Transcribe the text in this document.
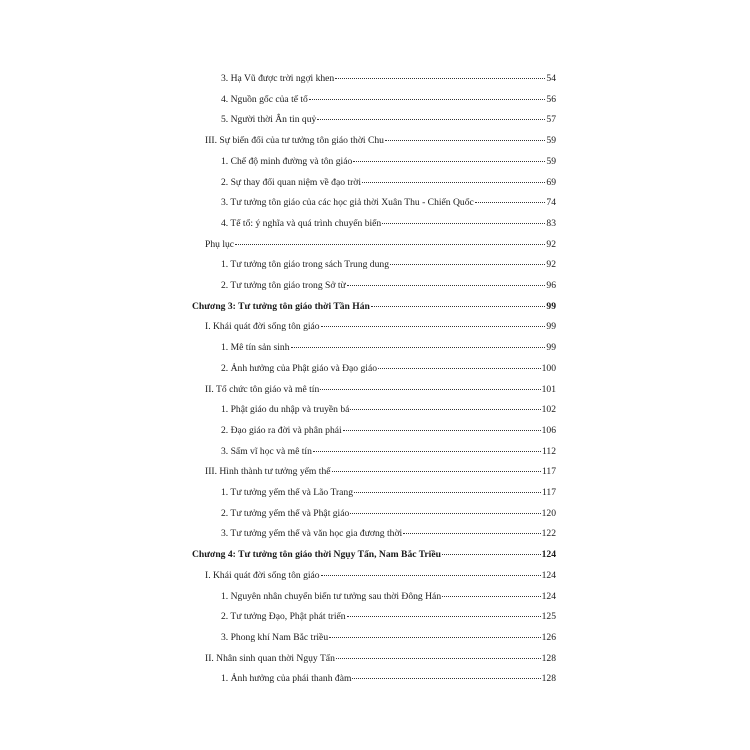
3. Hạ Vũ được trời ngợi khen	54
4. Nguồn gốc của tế tổ	56
5. Người thời Ân tin quỷ	57
III. Sự biến đổi của tư tưởng tôn giáo thời Chu	59
1. Chế độ minh đường và tôn giáo	59
2. Sự thay đổi quan niệm về đạo trời	69
3. Tư tưởng tôn giáo của các học giả thời Xuân Thu - Chiến Quốc	74
4. Tế tổ: ý nghĩa và quá trình chuyển biến	83
Phụ lục	92
1. Tư tưởng tôn giáo trong sách Trung dung	92
2. Tư tưởng tôn giáo trong Sở từ	96
Chương 3: Tư tưởng tôn giáo thời Tần Hán	99
I. Khái quát đời sống tôn giáo	99
1. Mê tín sản sinh	99
2. Ảnh hưởng của Phật giáo và Đạo giáo	100
II. Tổ chức tôn giáo và mê tín	101
1. Phật giáo du nhập và truyền bá	102
2. Đạo giáo ra đời và phân phái	106
3. Sấm vĩ học và mê tín	112
III. Hình thành tư tưởng yếm thế	117
1. Tư tưởng yếm thế và Lão Trang	117
2. Tư tưởng yếm thế và Phật giáo	120
3. Tư tưởng yếm thế và văn học gia đương thời	122
Chương 4: Tư tưởng tôn giáo thời Ngụy Tấn, Nam Bắc Triều	124
I. Khái quát đời sống tôn giáo	124
1. Nguyên nhân chuyển biến tư tưởng sau thời Đông Hán	124
2. Tư tưởng Đạo, Phật phát triển	125
3. Phong khí Nam Bắc triều	126
II. Nhân sinh quan thời Ngụy Tấn	128
1. Ảnh hưởng của phái thanh đàm	128
